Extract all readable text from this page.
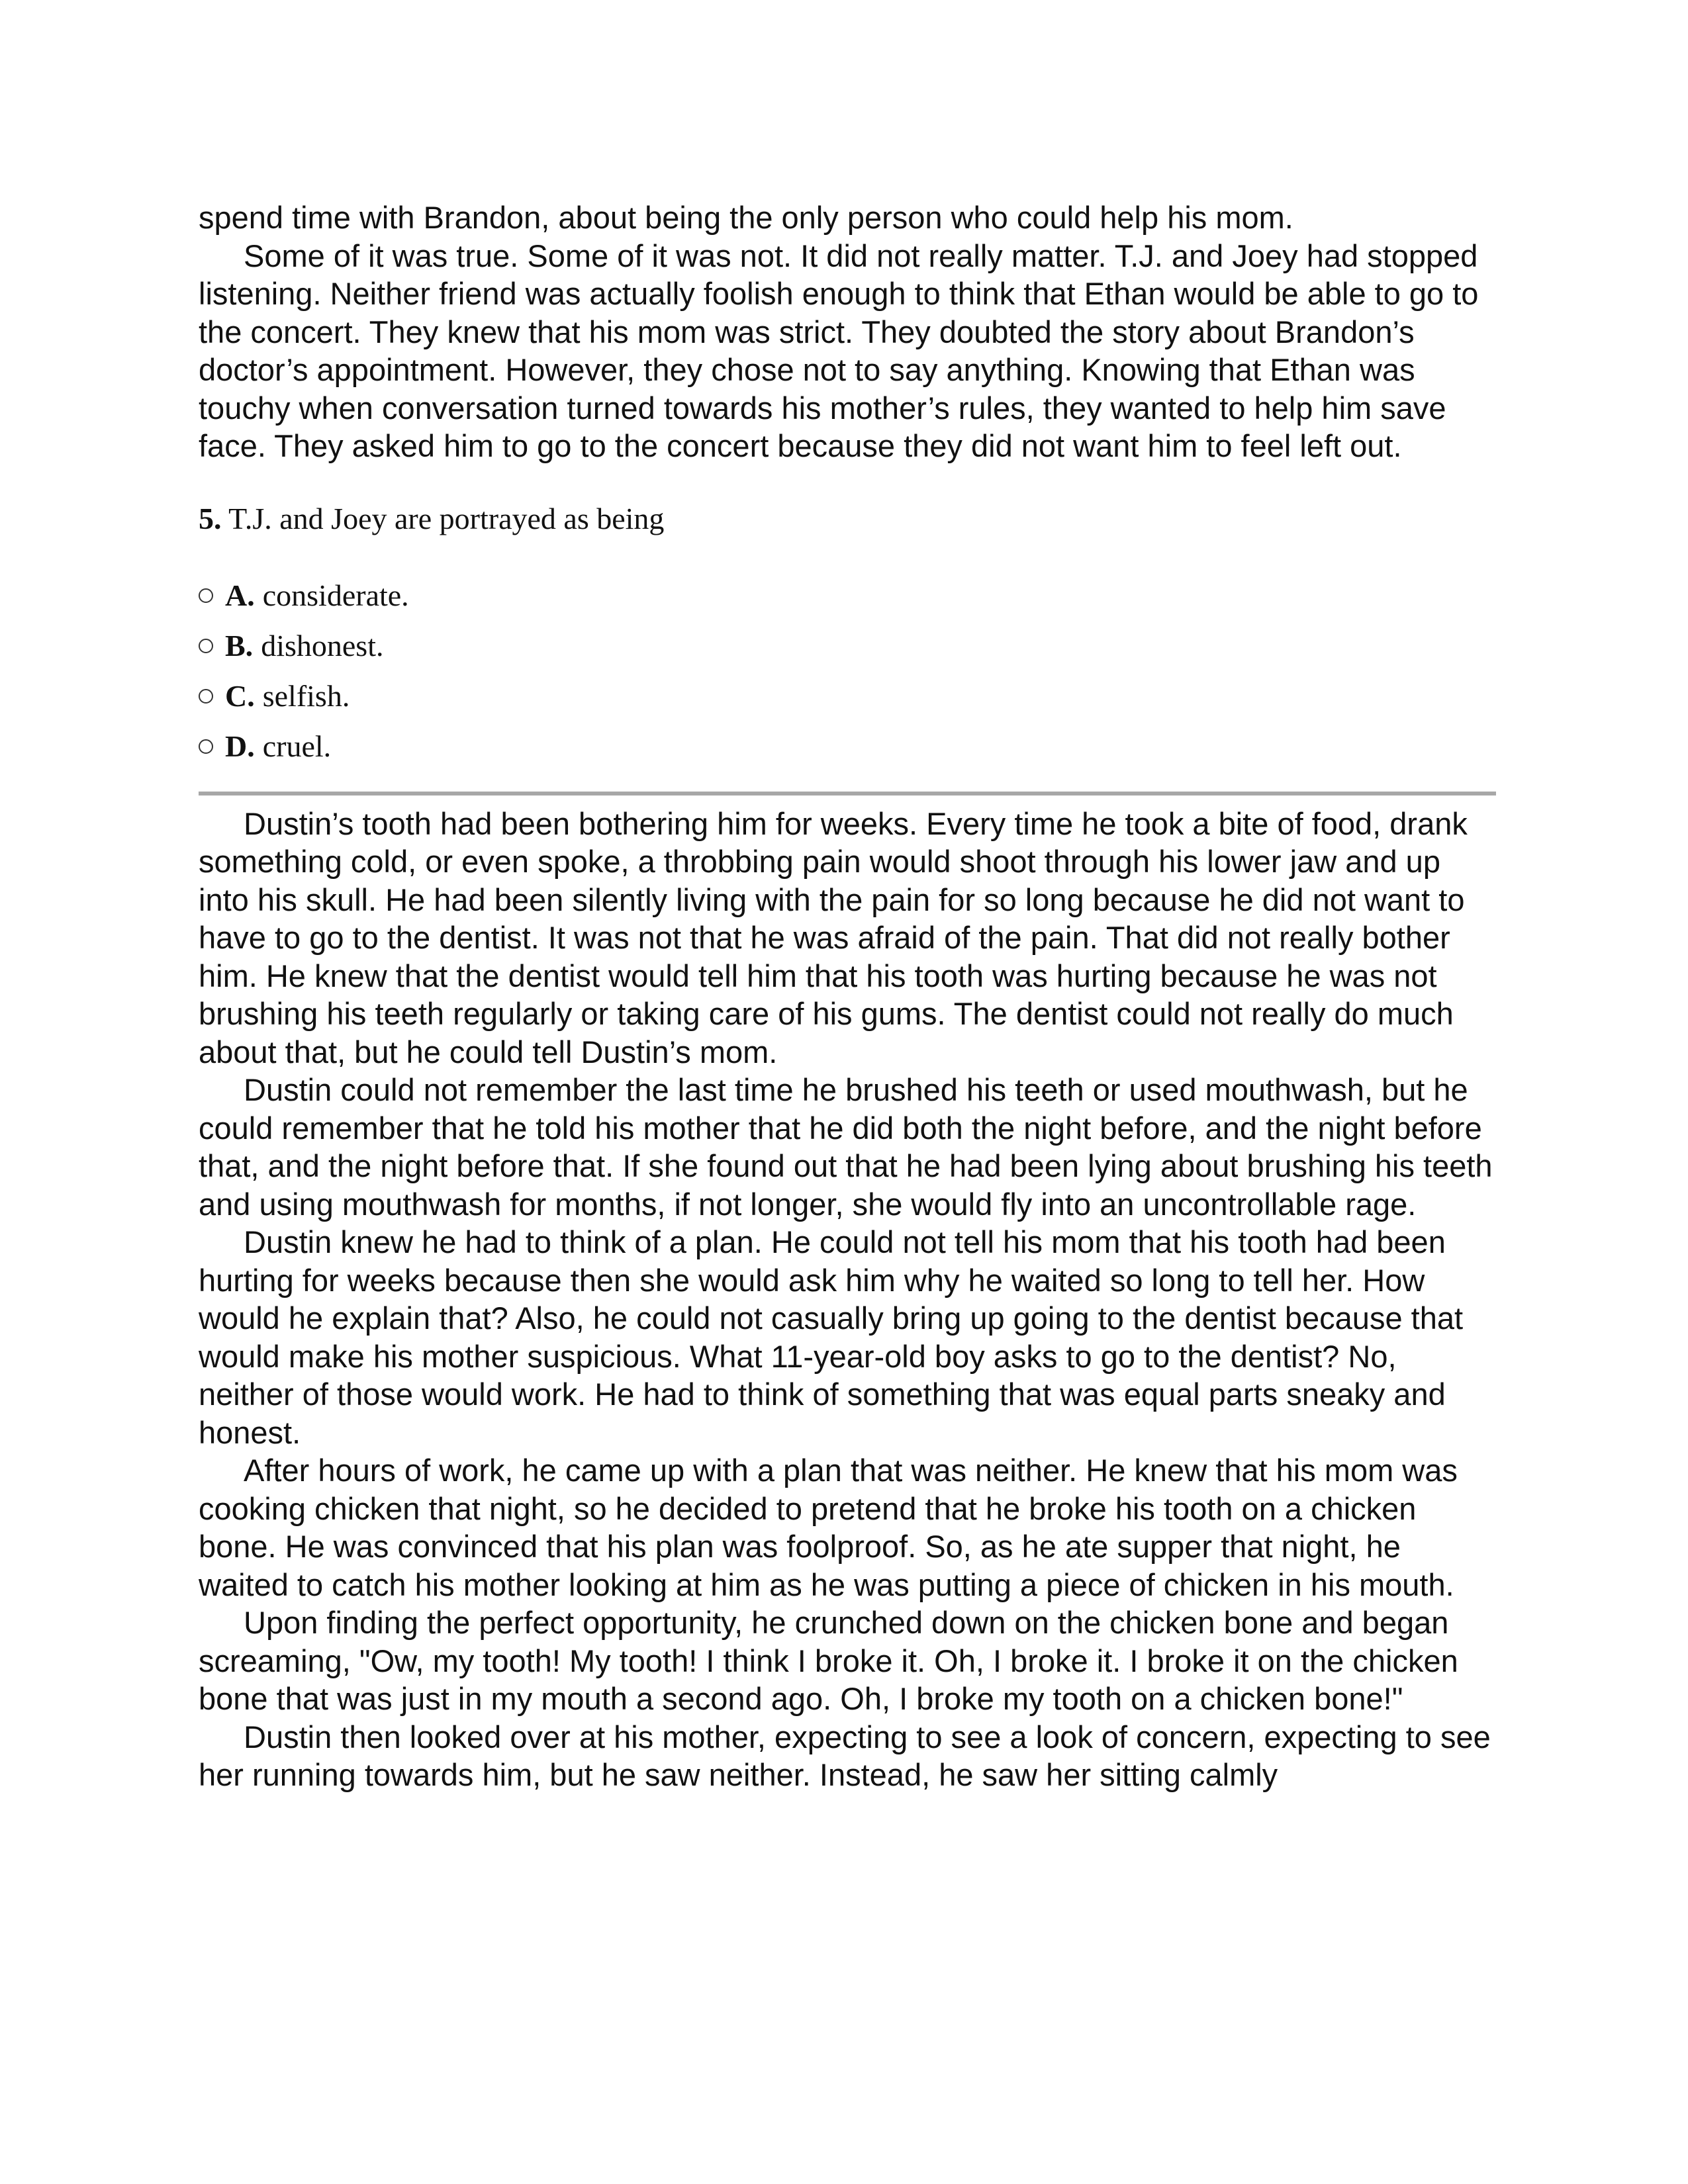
spend time with Brandon, about being the only person who could help his mom.

Some of it was true. Some of it was not. It did not really matter. T.J. and Joey had stopped listening. Neither friend was actually foolish enough to think that Ethan would be able to go to the concert. They knew that his mom was strict. They doubted the story about Brandon’s doctor’s appointment. However, they chose not to say anything. Knowing that Ethan was touchy when conversation turned towards his mother’s rules, they wanted to help him save face. They asked him to go to the concert because they did not want him to feel left out.

5. T.J. and Joey are portrayed as being
A. considerate.
B. dishonest.
C. selfish.
D. cruel.

Dustin’s tooth had been bothering him for weeks. Every time he took a bite of food, drank something cold, or even spoke, a throbbing pain would shoot through his lower jaw and up into his skull. He had been silently living with the pain for so long because he did not want to have to go to the dentist. It was not that he was afraid of the pain. That did not really bother him. He knew that the dentist would tell him that his tooth was hurting because he was not brushing his teeth regularly or taking care of his gums. The dentist could not really do much about that, but he could tell Dustin’s mom.

Dustin could not remember the last time he brushed his teeth or used mouthwash, but he could remember that he told his mother that he did both the night before, and the night before that, and the night before that. If she found out that he had been lying about brushing his teeth and using mouthwash for months, if not longer, she would fly into an uncontrollable rage.

Dustin knew he had to think of a plan. He could not tell his mom that his tooth had been hurting for weeks because then she would ask him why he waited so long to tell her. How would he explain that? Also, he could not casually bring up going to the dentist because that would make his mother suspicious. What 11-year-old boy asks to go to the dentist? No, neither of those would work. He had to think of something that was equal parts sneaky and honest.

After hours of work, he came up with a plan that was neither. He knew that his mom was cooking chicken that night, so he decided to pretend that he broke his tooth on a chicken bone. He was convinced that his plan was foolproof. So, as he ate supper that night, he waited to catch his mother looking at him as he was putting a piece of chicken in his mouth.

Upon finding the perfect opportunity, he crunched down on the chicken bone and began screaming, "Ow, my tooth! My tooth! I think I broke it. Oh, I broke it. I broke it on the chicken bone that was just in my mouth a second ago. Oh, I broke my tooth on a chicken bone!"

Dustin then looked over at his mother, expecting to see a look of concern, expecting to see her running towards him, but he saw neither. Instead, he saw her sitting calmly
